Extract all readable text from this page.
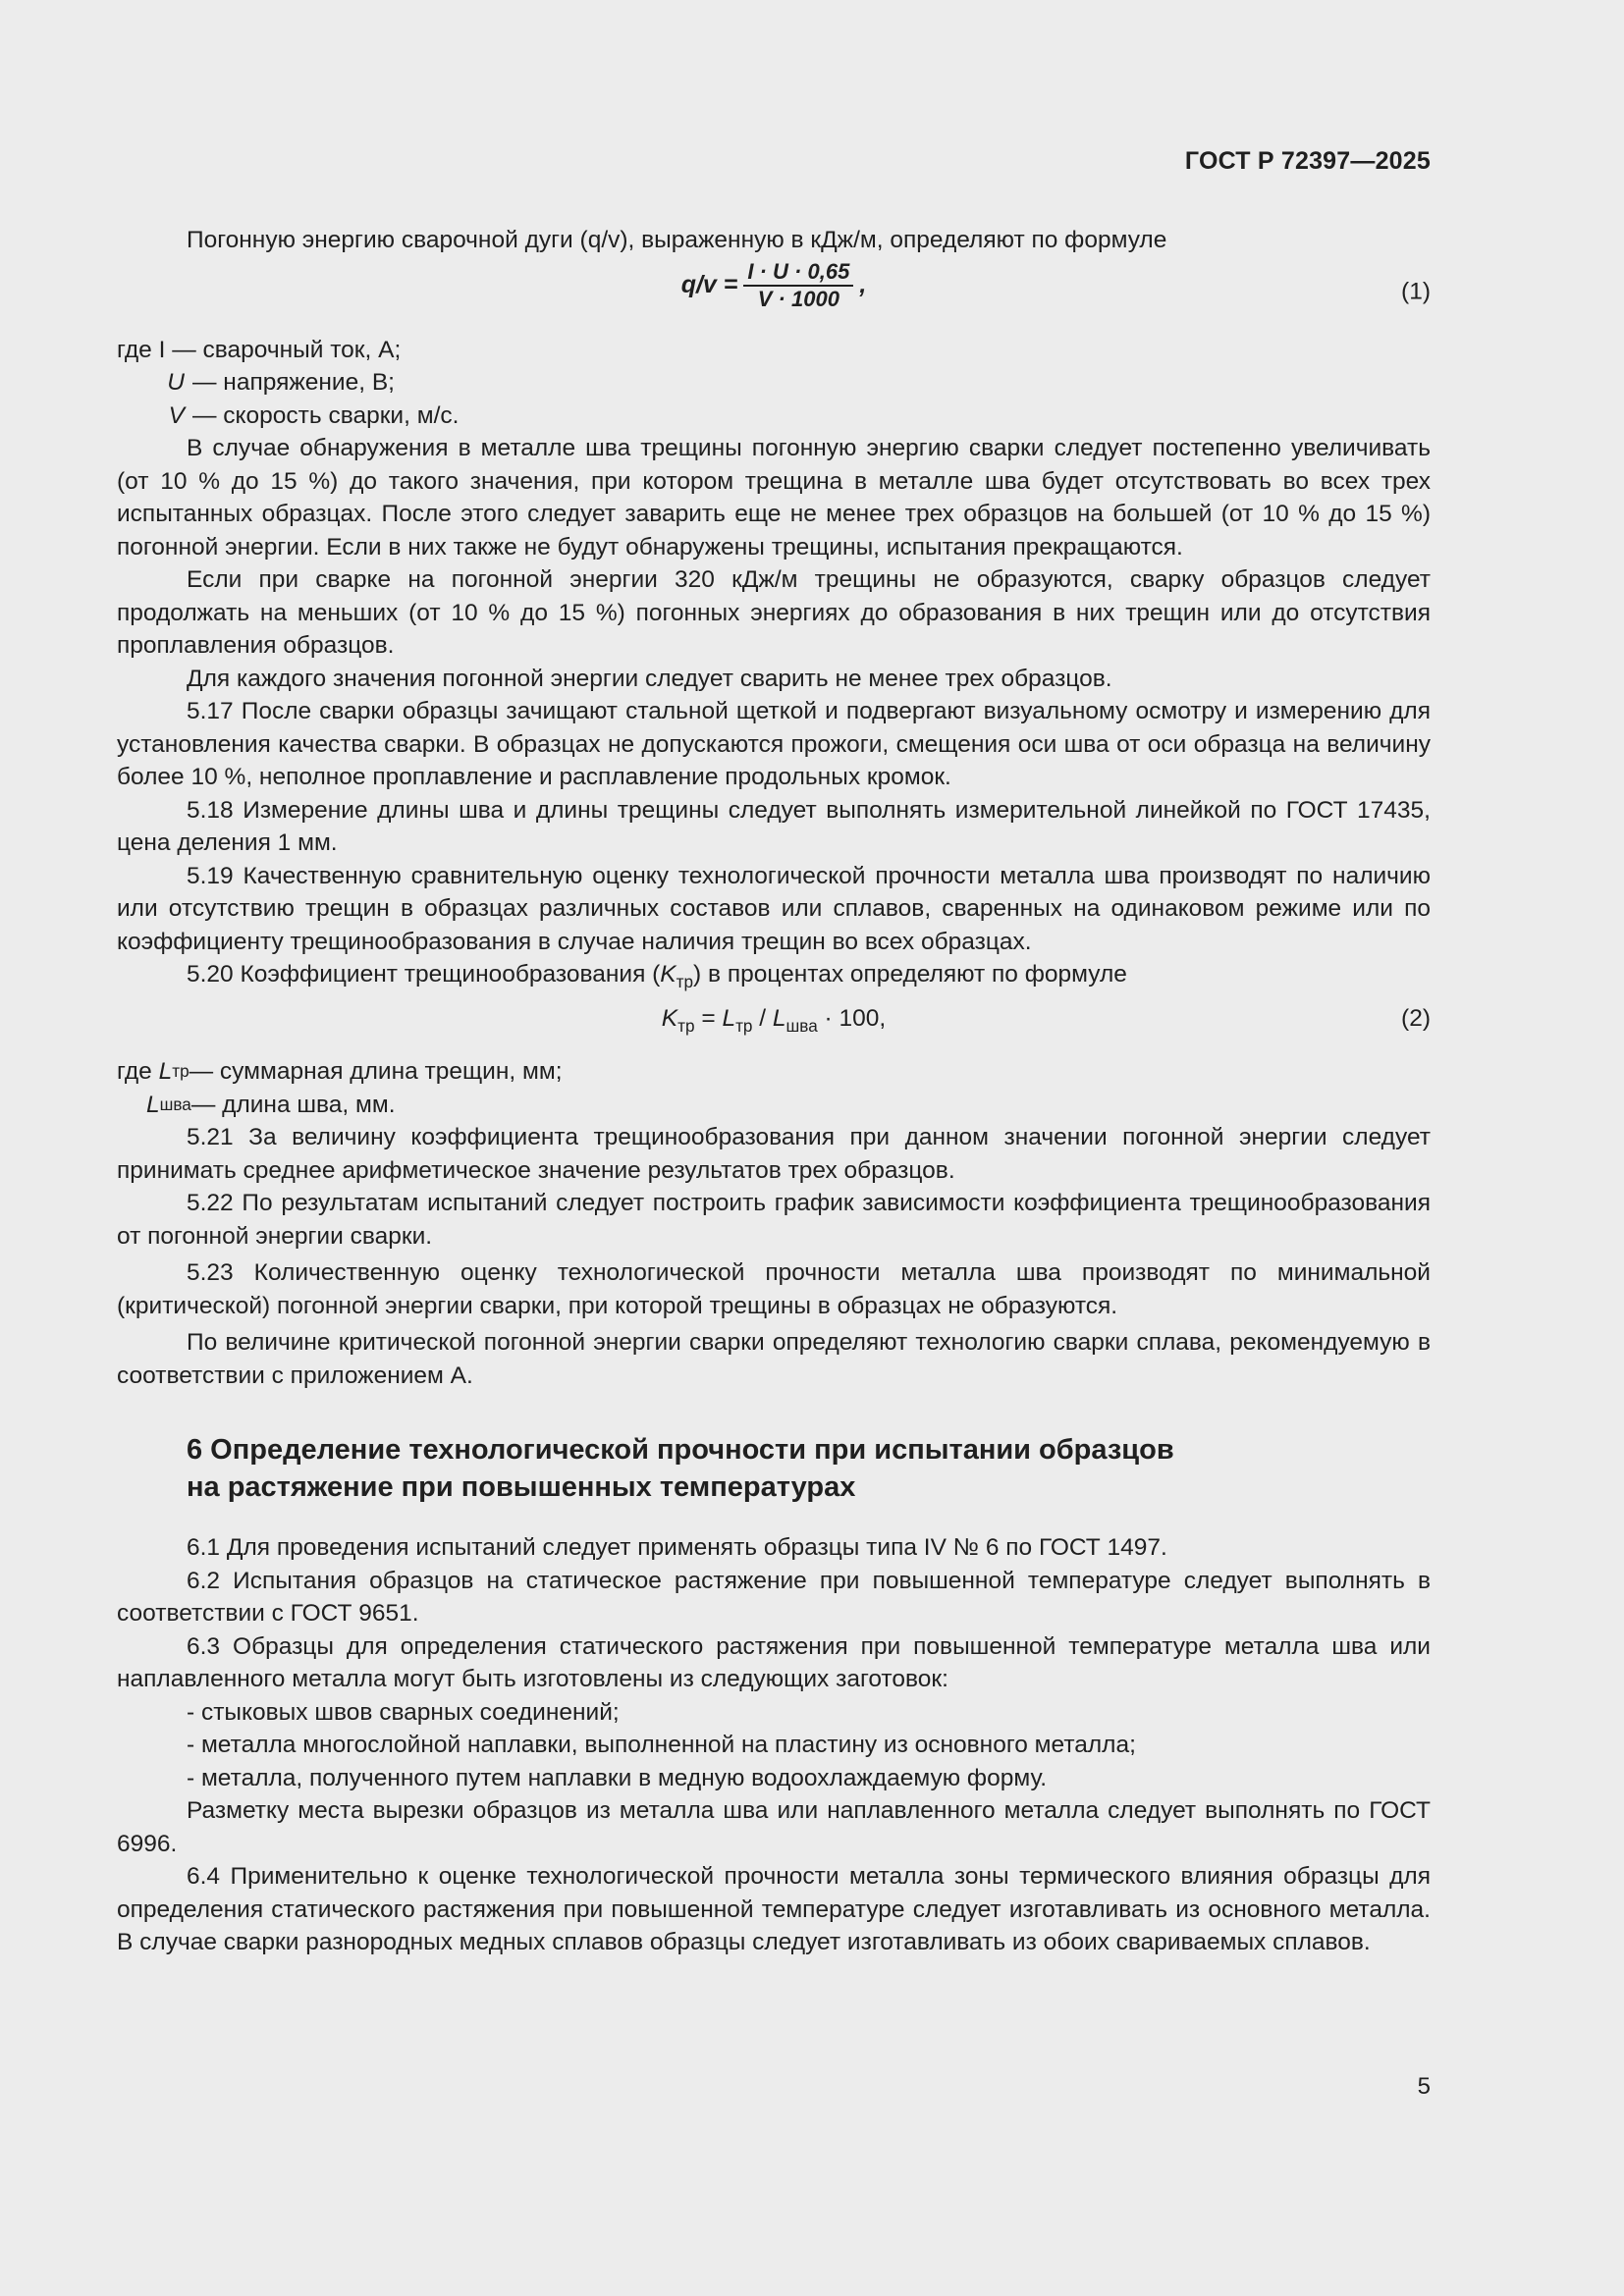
ГОСТ Р 72397—2025

Погонную энергию сварочной дуги (q/v), выраженную в кДж/м, определяют по формуле

$q/v = \frac{I \cdot U \cdot 0,65}{V \cdot 1000}$ ,	(1)
где I
— сварочный ток, А;
U — напряжение, В;
V — скорость сварки, м/с.

В случае обнаружения в металле шва трещины погонную энергию сварки следует постепенно увеличивать (от 10 % до 15 %) до такого значения, при котором трещина в металле шва будет отсутствовать во всех трех испытанных образцах. После этого следует заварить еще не менее трех образцов на большей (от 10 % до 15 %) погонной энергии. Если в них также не будут обнаружены трещины, испытания прекращаются.

Если при сварке на погонной энергии 320 кДж/м трещины не образуются, сварку образцов следует продолжать на меньших (от 10 % до 15 %) погонных энергиях до образования в них трещин или до отсутствия проплавления образцов.

Для каждого значения погонной энергии следует сварить не менее трех образцов.

5.17 После сварки образцы зачищают стальной щеткой и подвергают визуальному осмотру и измерению для установления качества сварки. В образцах не допускаются прожоги, смещения оси шва от оси образца на величину более 10 %, неполное проплавление и расплавление продольных кромок.

5.18 Измерение длины шва и длины трещины следует выполнять измерительной линейкой по ГОСТ 17435, цена деления 1 мм.

5.19 Качественную сравнительную оценку технологической прочности металла шва производят по наличию или отсутствию трещин в образцах различных составов или сплавов, сваренных на одинаковом режиме или по коэффициенту трещинообразования в случае наличия трещин во всех образцах.

5.20 Коэффициент трещинообразования $(K_{тр})$ в процентах определяют по формуле

$K_{тр} = L_{тр} / L_{шва} \cdot 100$,	(2)
где
L тр — суммарная длина трещин, мм;
L шва — длина шва, мм.

5.21 За величину коэффициента трещинообразования при данном значении погонной энергии следует принимать среднее арифметическое значение результатов трех образцов.

5.22 По результатам испытаний следует построить график зависимости коэффициента трещинообразования от погонной энергии сварки.

5.23 Количественную оценку технологической прочности металла шва производят по минимальной (критической) погонной энергии сварки, при которой трещины в образцах не образуются.

По величине критической погонной энергии сварки определяют технологию сварки сплава, рекомендуемую в соответствии с приложением А.

6 Определение технологической прочности при испытании образцов
на растяжение при повышенных температурах

6.1 Для проведения испытаний следует применять образцы типа IV № 6 по ГОСТ 1497.

6.2 Испытания образцов на статическое растяжение при повышенной температуре следует выполнять в соответствии с ГОСТ 9651.

6.3 Образцы для определения статического растяжения при повышенной температуре металла шва или наплавленного металла могут быть изготовлены из следующих заготовок:

- стыковых швов сварных соединений;

- металла многослойной наплавки, выполненной на пластину из основного металла;

- металла, полученного путем наплавки в медную водоохлаждаемую форму.

Разметку места вырезки образцов из металла шва или наплавленного металла следует выполнять по ГОСТ 6996.

6.4 Применительно к оценке технологической прочности металла зоны термического влияния образцы для определения статического растяжения при повышенной температуре следует изготавливать из основного металла. В случае сварки разнородных медных сплавов образцы следует изготавливать из обоих свариваемых сплавов.

5
